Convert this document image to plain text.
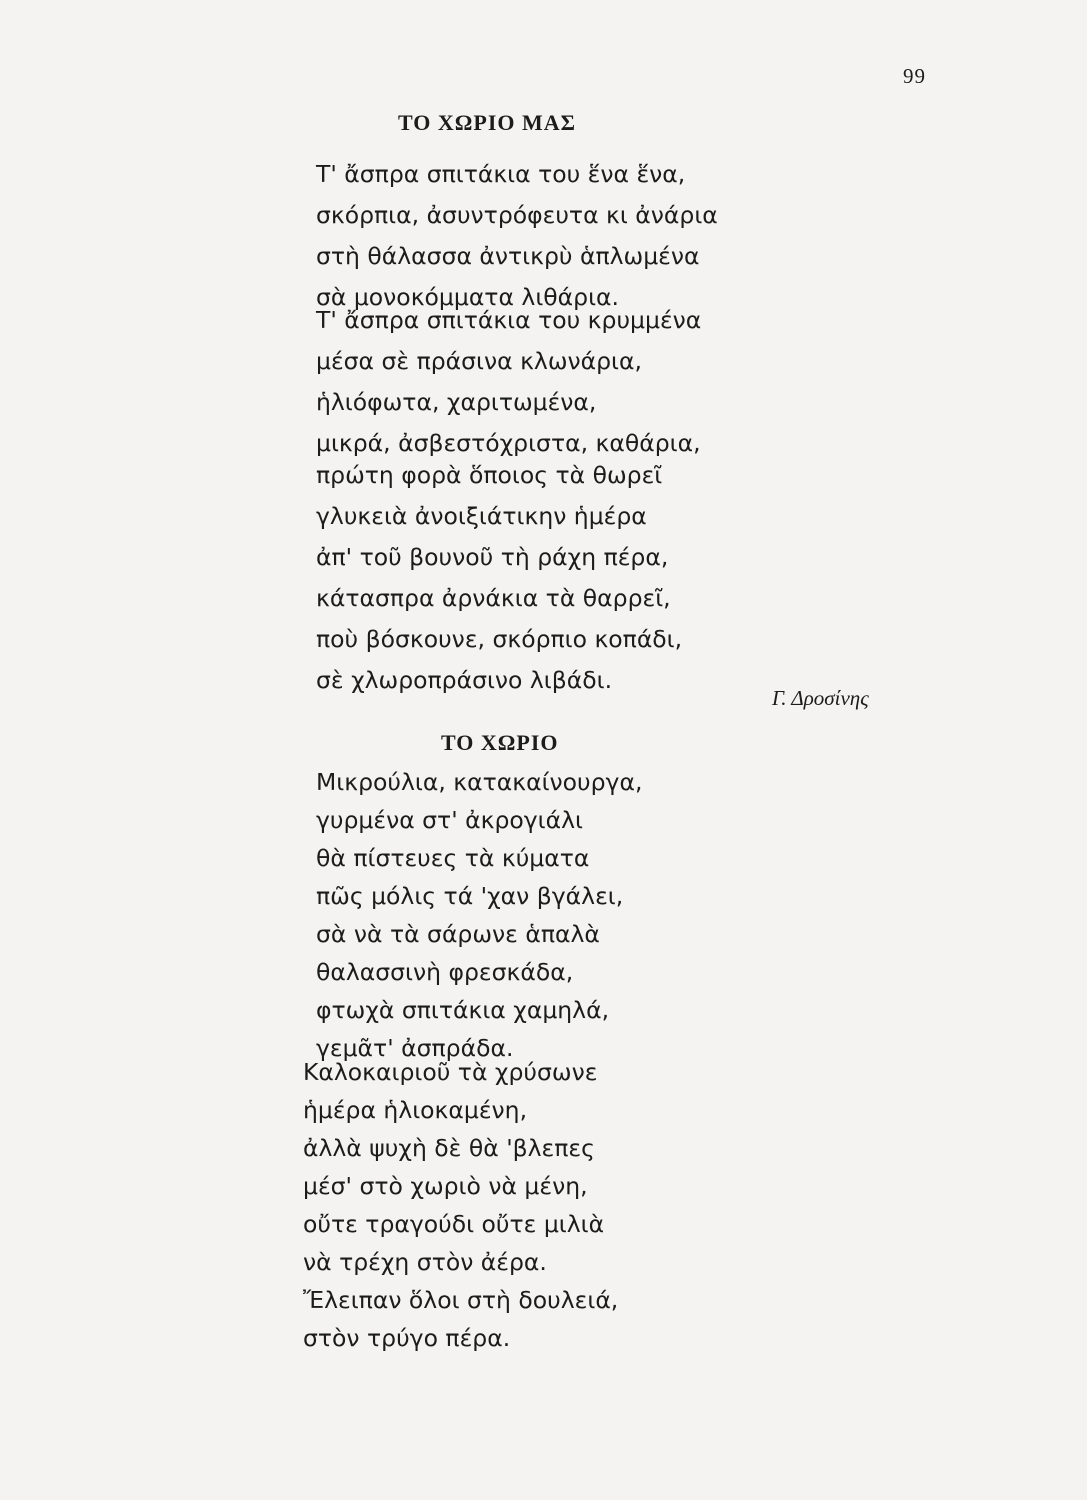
99
ΤΟ ΧΩΡΙΟ ΜΑΣ
Τ' ἄσπρα σπιτάκια του ἕνα ἕνα,
σκόρπια, ἀσυντρόφευτα κι ἀνάρια
στὴ θάλασσα ἀντικρὺ ἁπλωμένα
σὰ μονοκόμματα λιθάρια.
Τ' ἄσπρα σπιτάκια του κρυμμένα
μέσα σὲ πράσινα κλωνάρια,
ἡλιόφωτα, χαριτωμένα,
μικρά, ἀσβεστόχριστα, καθάρια,
πρώτη φορὰ ὅποιος τὰ θωρεῖ
γλυκειὰ ἀνοιξιάτικην ἡμέρα
ἀπ' τοῦ βουνοῦ τὴ ράχη πέρα,
κάτασπρα ἀρνάκια τὰ θαρρεῖ,
ποὺ βόσκουνε, σκόρπιο κοπάδι,
σὲ χλωροπράσινο λιβάδι.
Γ. Δροσίνης
ΤΟ ΧΩΡΙΟ
Μικρούλια, κατακαίνουργα,
γυρμένα στ' ἀκρογιάλι
θὰ πίστευες τὰ κύματα
πῶς μόλις τά 'χαν βγάλει,
σὰ νὰ τὰ σάρωνε ἁπαλὰ
θαλασσινὴ φρεσκάδα,
φτωχὰ σπιτάκια χαμηλά,
γεμᾶτ' ἀσπράδα.
Καλοκαιριοῦ τὰ χρύσωνε
ἡμέρα ἡλιοκαμένη,
ἀλλὰ ψυχὴ δὲ θὰ 'βλεπες
μέσ' στὸ χωριὸ νὰ μένη,
οὔτε τραγούδι οὔτε μιλιὰ
νὰ τρέχη στὸν ἀέρα.
Ἔλειπαν ὅλοι στὴ δουλειά,
στὸν τρύγο πέρα.
